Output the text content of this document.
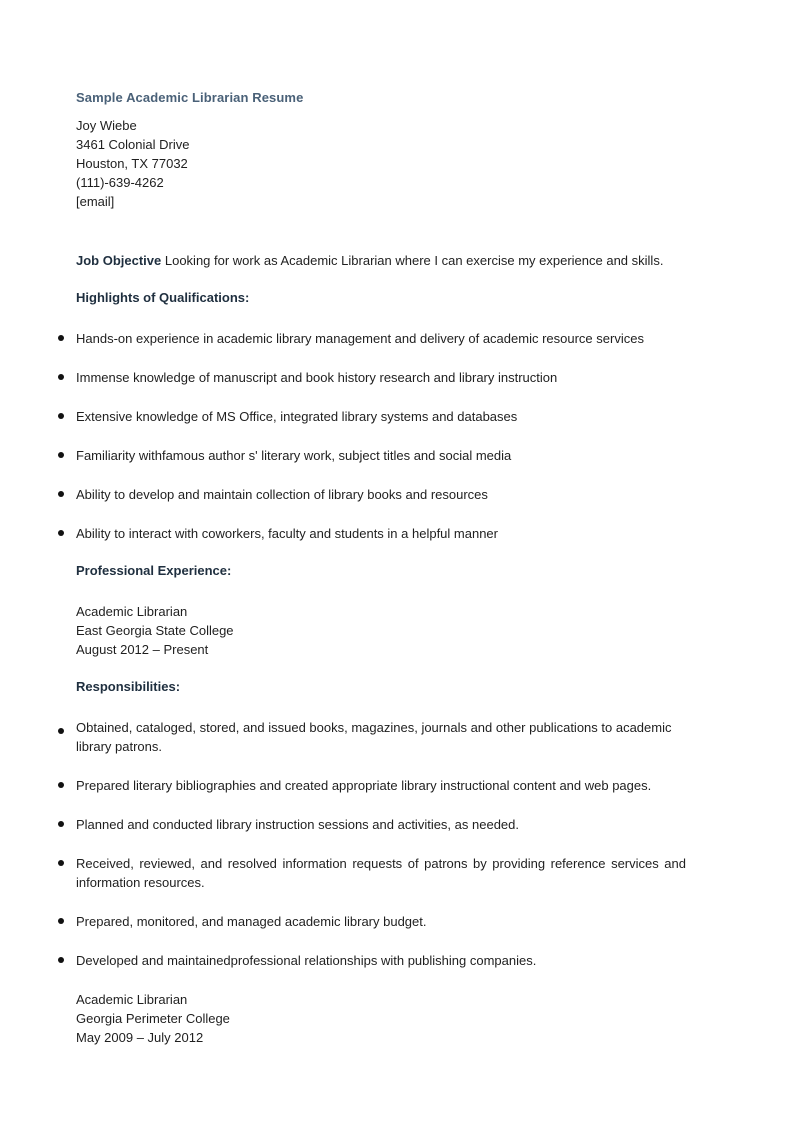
Sample Academic Librarian Resume
Joy Wiebe
3461 Colonial Drive
Houston, TX 77032
(111)-639-4262
[email]
Job Objective Looking for work as Academic Librarian where I can exercise my experience and skills.
Highlights of Qualifications:
Hands-on experience in academic library management and delivery of academic resource services
Immense knowledge of manuscript and book history research and library instruction
Extensive knowledge of MS Office, integrated library systems and databases
Familiarity withfamous author s' literary work, subject titles and social media
Ability to develop and maintain collection of library books and resources
Ability to interact with coworkers, faculty and students in a helpful manner
Professional Experience:
Academic Librarian
East Georgia State College
August 2012 – Present
Responsibilities:
Obtained, cataloged, stored, and issued books, magazines, journals and other publications to academic library patrons.
Prepared literary bibliographies and created appropriate library instructional content and web pages.
Planned and conducted library instruction sessions and activities, as needed.
Received, reviewed, and resolved information requests of patrons by providing reference services and information resources.
Prepared, monitored, and managed academic library budget.
Developed and maintainedprofessional relationships with publishing companies.
Academic Librarian
Georgia Perimeter College
May 2009 – July 2012
